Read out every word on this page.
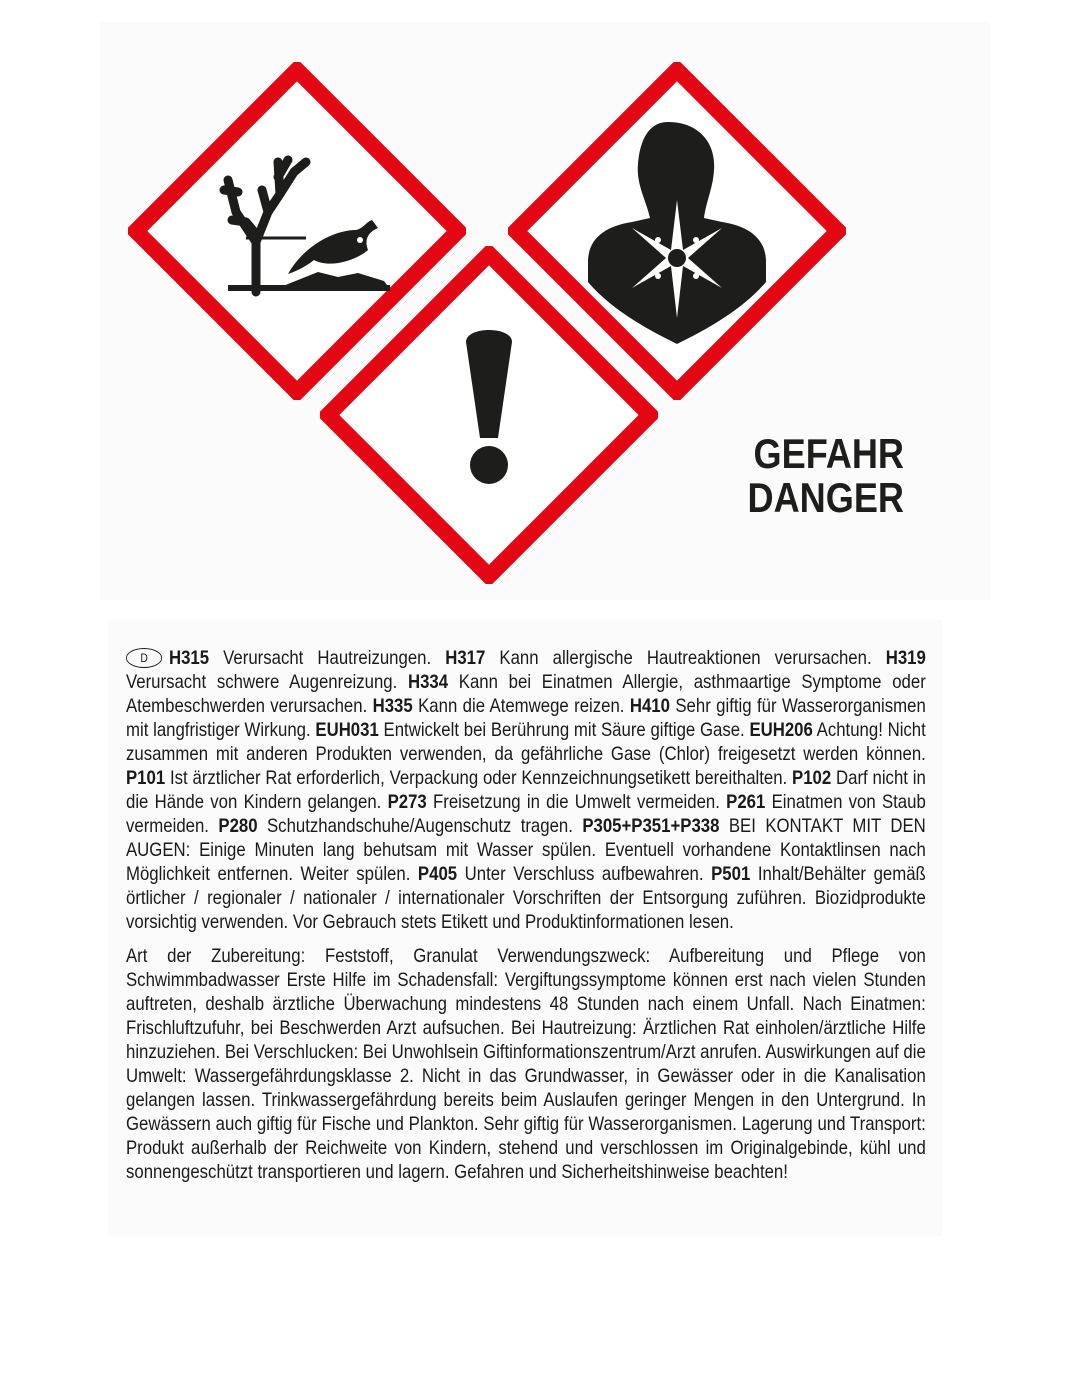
GEFAHR
DANGER

D H315 Verursacht Hautreizungen. H317 Kann allergische Hautreaktionen verursachen. H319 Verursacht schwere Augenreizung. H334 Kann bei Einatmen Allergie, asthmaartige Symptome oder Atembeschwerden verursachen. H335 Kann die Atemwege reizen. H410 Sehr giftig für Wasserorganismen mit langfristiger Wirkung. EUH031 Entwickelt bei Berührung mit Säure giftige Gase. EUH206 Achtung! Nicht zusammen mit anderen Produkten verwenden, da gefährliche Gase (Chlor) freigesetzt werden können. P101 Ist ärztlicher Rat erforderlich, Verpackung oder Kennzeichnungsetikett bereithalten. P102 Darf nicht in die Hände von Kindern gelangen. P273 Freisetzung in die Umwelt vermeiden. P261 Einatmen von Staub vermeiden. P280 Schutzhandschuhe/Augenschutz tragen. P305+P351+P338 BEI KONTAKT MIT DEN AUGEN: Einige Minuten lang behutsam mit Wasser spülen. Eventuell vorhandene Kontaktlinsen nach Möglichkeit entfernen. Weiter spülen. P405 Unter Verschluss aufbewahren. P501 Inhalt/Behälter gemäß örtlicher / regionaler / nationaler / internationaler Vorschriften der Entsorgung zuführen. Biozidprodukte vorsichtig verwenden. Vor Gebrauch stets Etikett und Produktinformationen lesen.

Art der Zubereitung: Feststoff, Granulat Verwendungszweck: Aufbereitung und Pflege von Schwimmbadwasser Erste Hilfe im Schadensfall: Vergiftungssymptome können erst nach vielen Stunden auftreten, deshalb ärztliche Überwachung mindestens 48 Stunden nach einem Unfall. Nach Einatmen: Frischluftzufuhr, bei Beschwerden Arzt aufsuchen. Bei Hautreizung: Ärztlichen Rat einholen/ärztliche Hilfe hinzuziehen. Bei Verschlucken: Bei Unwohlsein Giftinformationszentrum/Arzt anrufen. Auswirkungen auf die Umwelt: Wassergefährdungsklasse 2. Nicht in das Grundwasser, in Gewässer oder in die Kanalisation gelangen lassen. Trinkwassergefährdung bereits beim Auslaufen geringer Mengen in den Untergrund. In Gewässern auch giftig für Fische und Plankton. Sehr giftig für Wasserorganismen. Lagerung und Transport: Produkt außerhalb der Reichweite von Kindern, stehend und verschlossen im Originalgebinde, kühl und sonnengeschützt transportieren und lagern. Gefahren und Sicherheitshinweise beachten!
